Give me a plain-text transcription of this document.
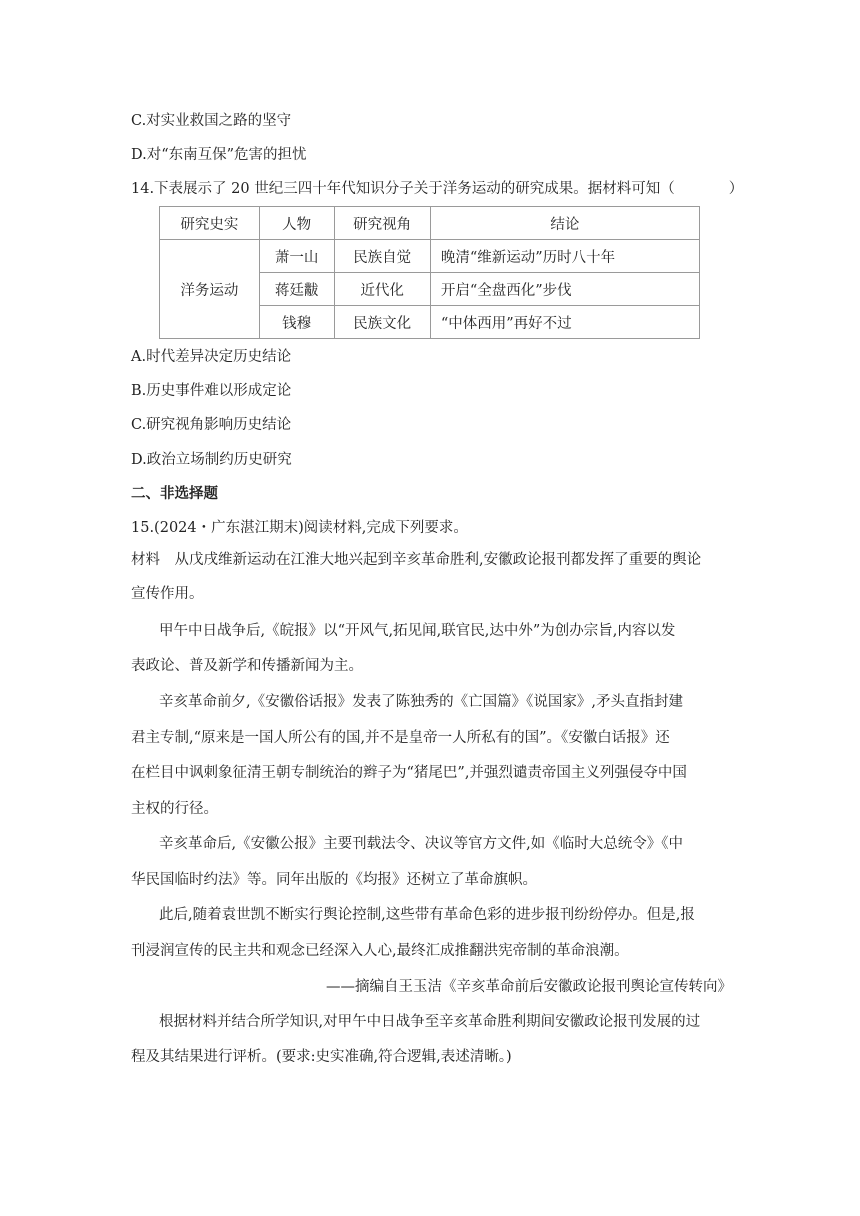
C.对实业救国之路的坚守
D.对“东南互保”危害的担忧
14.下表展示了 20 世纪三四十年代知识分子关于洋务运动的研究成果。据材料可知（	）
研究史实	人物	研究视角	结论
洋务运动	萧一山	民族自觉	晚清“维新运动”历时八十年
	蒋廷黻	近代化	开启“全盘西化”步伐
	钱穆	民族文化	“中体西用”再好不过
A.时代差异决定历史结论
B.历史事件难以形成定论
C.研究视角影响历史结论
D.政治立场制约历史研究
二、非选择题
15.(2024・广东湛江期末)阅读材料,完成下列要求。
材料　从戊戌维新运动在江淮大地兴起到辛亥革命胜利,安徽政论报刊都发挥了重要的舆论
宣传作用。
甲午中日战争后,《皖报》以“开风气,拓见闻,联官民,达中外”为创办宗旨,内容以发
表政论、普及新学和传播新闻为主。
辛亥革命前夕,《安徽俗话报》发表了陈独秀的《亡国篇》《说国家》,矛头直指封建
君主专制,“原来是一国人所公有的国,并不是皇帝一人所私有的国”。《安徽白话报》还
在栏目中讽刺象征清王朝专制统治的辫子为“猪尾巴”,并强烈谴责帝国主义列强侵夺中国
主权的行径。
辛亥革命后,《安徽公报》主要刊载法令、决议等官方文件,如《临时大总统令》《中
华民国临时约法》等。同年出版的《均报》还树立了革命旗帜。
此后,随着袁世凯不断实行舆论控制,这些带有革命色彩的进步报刊纷纷停办。但是,报
刊浸润宣传的民主共和观念已经深入人心,最终汇成推翻洪宪帝制的革命浪潮。
——摘编自王玉洁《辛亥革命前后安徽政论报刊舆论宣传转向》
根据材料并结合所学知识,对甲午中日战争至辛亥革命胜利期间安徽政论报刊发展的过
程及其结果进行评析。(要求:史实准确,符合逻辑,表述清晰。)
